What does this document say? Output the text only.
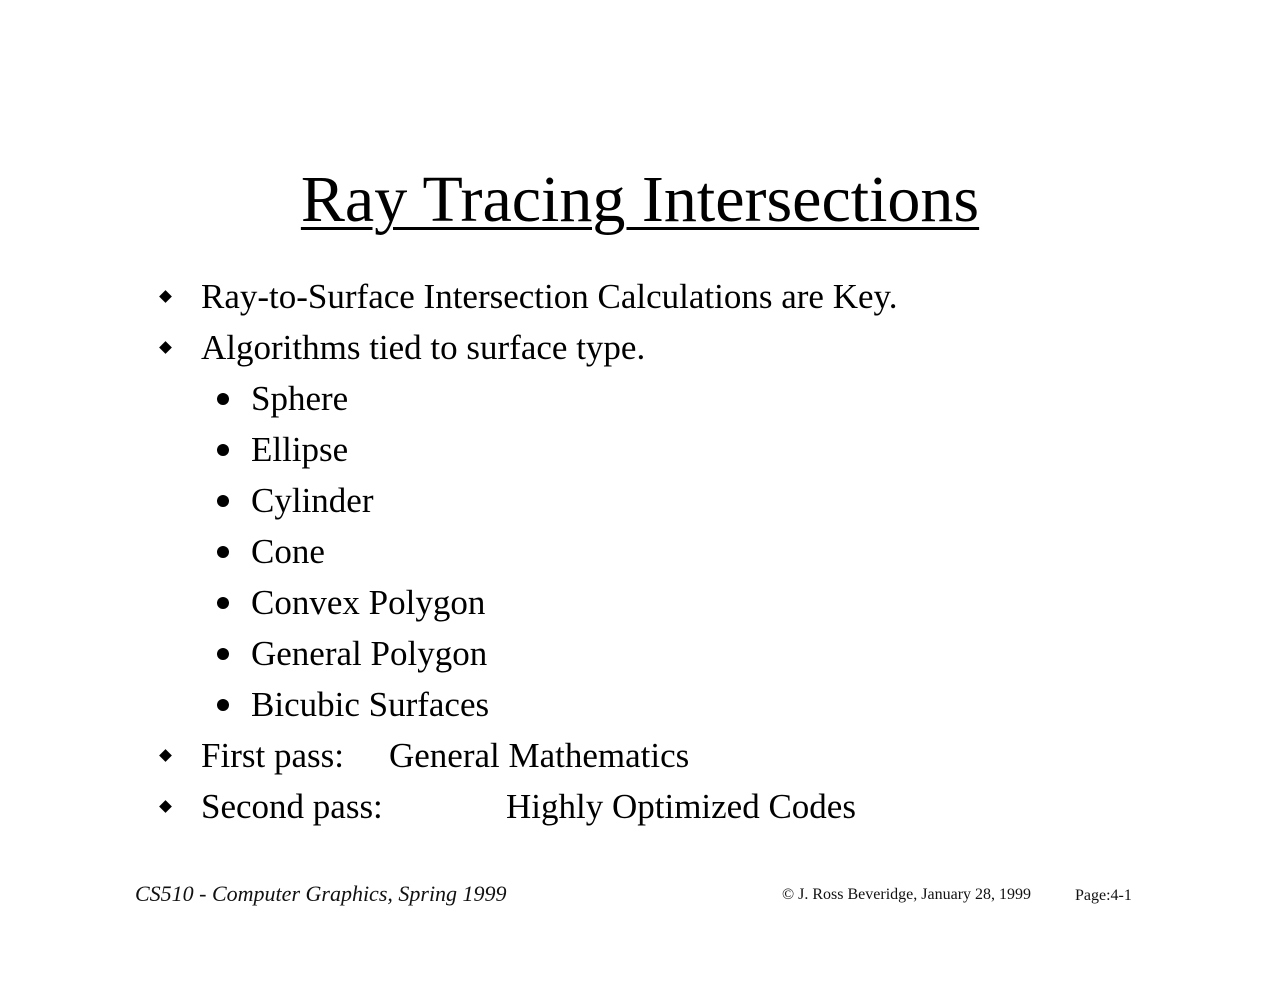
Ray Tracing Intersections
Ray-to-Surface Intersection Calculations are Key.
Algorithms tied to surface type.
Sphere
Ellipse
Cylinder
Cone
Convex Polygon
General Polygon
Bicubic Surfaces
First pass: General Mathematics
Second pass:	Highly Optimized Codes
CS510 - Computer Graphics, Spring 1999	© J. Ross Beveridge, January 28, 1999	Page:4-1
